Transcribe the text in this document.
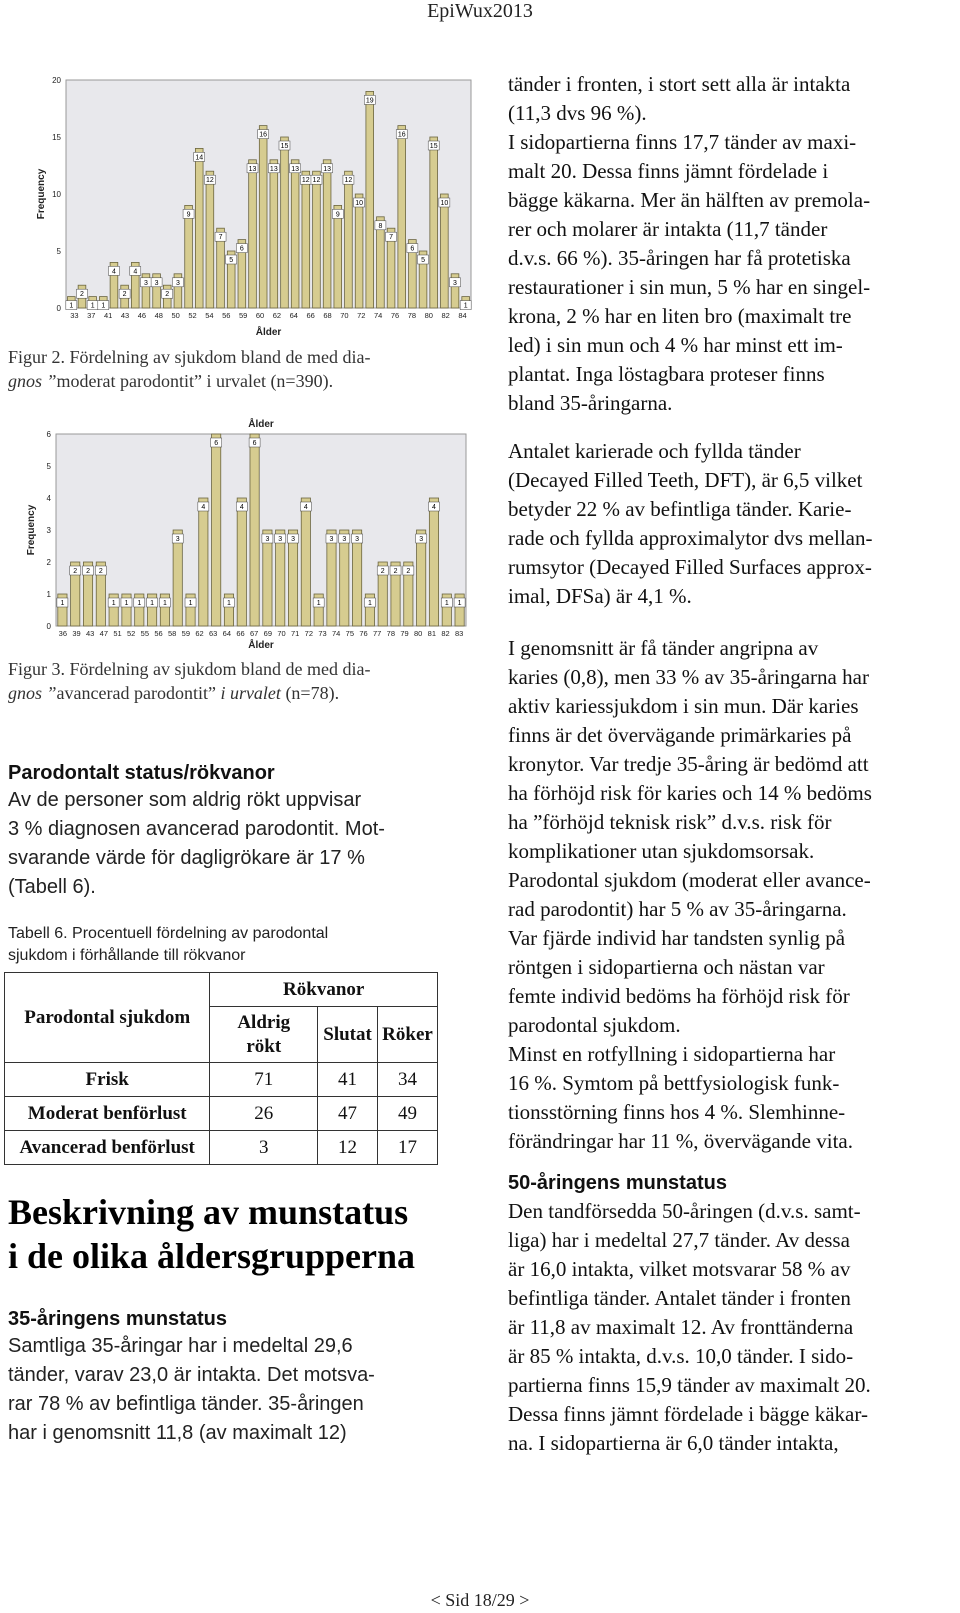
EpiWux2013
0
5
10
15
20
Frequency
1
2
1 1
4
2
4
3 3
2
3
9
14
12
7
5
6
13
16
13
15
13
12 12
13
9
12
10
19
8
7
16
6
5
15
10
3
1
33 37 41 43 46 48 50 52 54 56 59 60 62 64 66 68 70 72 74 76 78 80 82 84
Ålder
Figur 2. Fördelning av sjukdom bland de med dia-
gnos ”moderat parodontit” i urvalet (n=390).
0
1
2
3
4
5
6
Frequency
1
2 2 2
1 1 1 1 1
3
1
4
6
1
4
6
3 3 3
4
1
3 3 3
1
2 2 2
3
4
1 1
36 39 43 47 51 52 55 56 58 59 62 63 64 66 67 69 70 71 72 73 74 75 76 77 78 79 80 81 82 83
Ålder
Ålder
Figur 3. Fördelning av sjukdom bland de med dia-
gnos ”avancerad parodontit” i urvalet (n=78).
Parodontalt status/rökvanor
Av de personer som aldrig rökt uppvisar
3 % diagnosen avancerad parodontit. Mot-
svarande värde för dagligrökare är 17 %
(Tabell 6).
Tabell 6. Procentuell fördelning av parodontal
sjukdom i förhållande till rökvanor
Parodontal sjukdom	Rökvanor		
	Aldrig
rökt	Slutat	Röker
Frisk	71	41	34
Moderat benförlust	26	47	49
Avancerad benförlust	3	12	17
Beskrivning av munstatus
i de olika åldersgrupperna
35-åringens munstatus
Samtliga 35-åringar har i medeltal 29,6
tänder, varav 23,0 är intakta. Det motsva-
rar 78 % av befintliga tänder. 35-åringen
har i genomsnitt 11,8 (av maximalt 12)
tänder i fronten, i stort sett alla är intakta
(11,3 dvs 96 %).
I sidopartierna finns 17,7 tänder av maxi-
malt 20. Dessa finns jämnt fördelade i
bägge käkarna. Mer än hälften av premola-
rer och molarer är intakta (11,7 tänder
d.v.s. 66 %). 35-åringen har få protetiska
restaurationer i sin mun, 5 % har en singel-
krona, 2 % har en liten bro (maximalt tre
led) i sin mun och 4 % har minst ett im-
plantat. Inga löstagbara proteser finns
bland 35-åringarna.
Antalet karierade och fyllda tänder
(Decayed Filled Teeth, DFT), är 6,5 vilket
betyder 22 % av befintliga tänder. Karie-
rade och fyllda approximalytor dvs mellan-
rumsytor (Decayed Filled Surfaces approx-
imal, DFSa) är 4,1 %.
I genomsnitt är få tänder angripna av
karies (0,8), men 33 % av 35-åringarna har
aktiv kariessjukdom i sin mun. Där karies
finns är det övervägande primärkaries på
kronytor. Var tredje 35-åring är bedömd att
ha förhöjd risk för karies och 14 % bedöms
ha ”förhöjd teknisk risk” d.v.s. risk för
komplikationer utan sjukdomsorsak.
Parodontal sjukdom (moderat eller avance-
rad parodontit) har 5 % av 35-åringarna.
Var fjärde individ har tandsten synlig på
röntgen i sidopartierna och nästan var
femte individ bedöms ha förhöjd risk för
parodontal sjukdom.
Minst en rotfyllning i sidopartierna har
16 %. Symtom på bettfysiologisk funk-
tionsstörning finns hos 4 %. Slemhinne-
förändringar har 11 %, övervägande vita.
50-åringens munstatus
Den tandförsedda 50-åringen (d.v.s. samt-
liga) har i medeltal 27,7 tänder. Av dessa
är 16,0 intakta, vilket motsvarar 58 % av
befintliga tänder. Antalet tänder i fronten
är 11,8 av maximalt 12. Av fronttänderna
är 85 % intakta, d.v.s. 10,0 tänder. I sido-
partierna finns 15,9 tänder av maximalt 20.
Dessa finns jämnt fördelade i bägge käkar-
na. I sidopartierna är 6,0 tänder intakta,
< Sid 18/29 >
